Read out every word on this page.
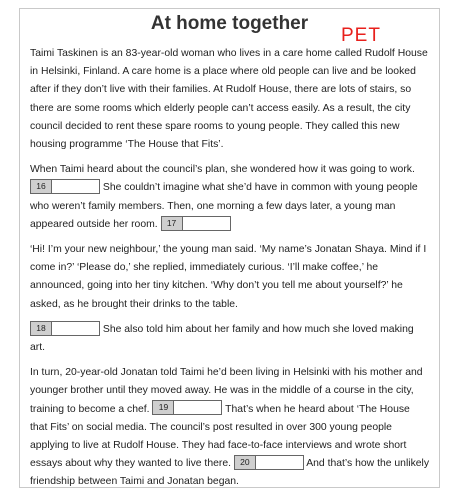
At home together
PET

Taimi Taskinen is an 83-year-old woman who lives in a care home called Rudolf House in Helsinki, Finland. A care home is a place where old people can live and be looked after if they don’t live with their families. At Rudolf House, there are lots of stairs, so there are some rooms which elderly people can’t access easily. As a result, the city council decided to rent these spare rooms to young people. They called this new housing programme ‘The House that Fits’.

When Taimi heard about the council’s plan, she wondered how it was going to work. 16	She couldn’t imagine what she’d have in common with young people who weren’t family members. Then, one morning a few days later, a young man appeared outside her room. 17

‘Hi! I’m your new neighbour,’ the young man said. ‘My name’s Jonatan Shaya. Mind if I come in?’ ‘Please do,’ she replied, immediately curious. ‘I’ll make coffee,’ he announced, going into her tiny kitchen. ‘Why don’t you tell me about yourself?’ he asked, as he brought their drinks to the table.

18	She also told him about her family and how much she loved making art.

In turn, 20-year-old Jonatan told Taimi he’d been living in Helsinki with his mother and younger brother until they moved away. He was in the middle of a course in the city, training to become a chef. 19	That’s when he heard about ‘The House that Fits’ on social media. The council’s post resulted in over 300 young people applying to live at Rudolf House. They had face-to-face interviews and wrote short essays about why they wanted to live there. 20	And that’s how the unlikely friendship between Taimi and Jonatan began.
